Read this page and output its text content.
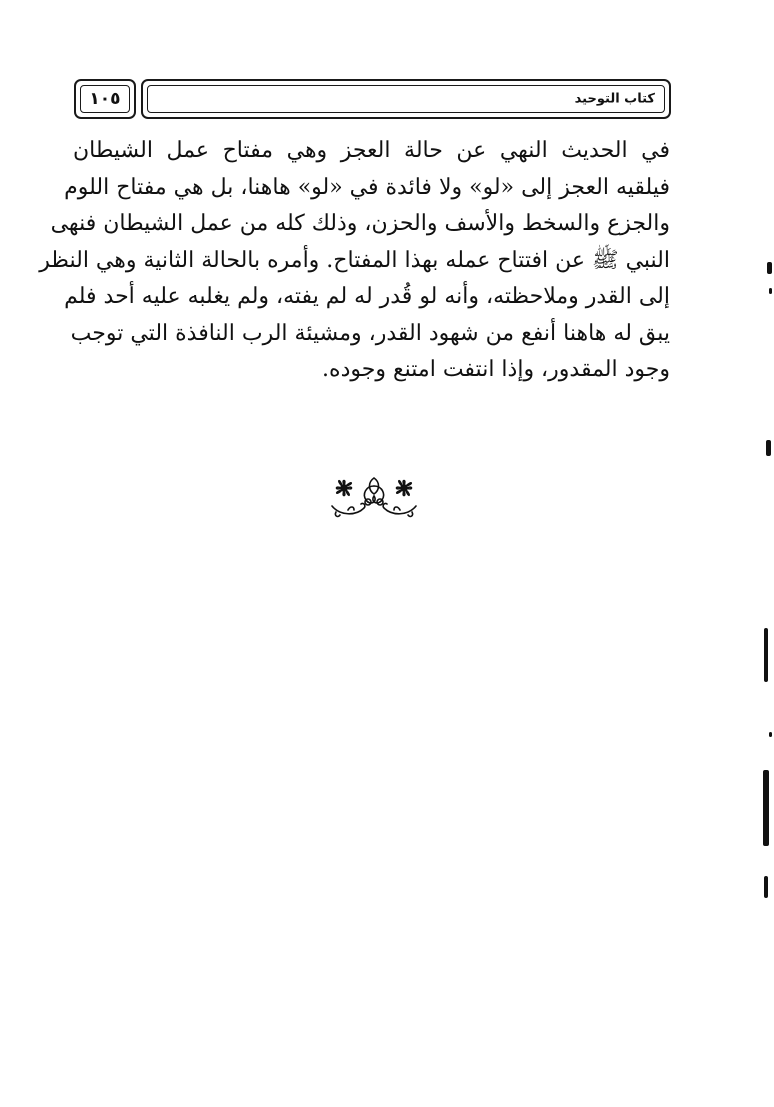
١٠٥	كتاب التوحيد
في الحديث النهي عن حالة العجز وهي مفتاح عمل الشيطان
فيلقيه العجز إلى «لو» ولا فائدة في «لو» هاهنا، بل هي مفتاح اللوم
والجزع والسخط والأسف والحزن، وذلك كله من عمل الشيطان فنهى
النبي ﷺ عن افتتاح عمله بهذا المفتاح. وأمره بالحالة الثانية وهي النظر
إلى القدر وملاحظته، وأنه لو قُدر له لم يفته، ولم يغلبه عليه أحد فلم
يبق له هاهنا أنفع من شهود القدر، ومشيئة الرب النافذة التي توجب
وجود المقدور، وإذا انتفت امتنع وجوده.
